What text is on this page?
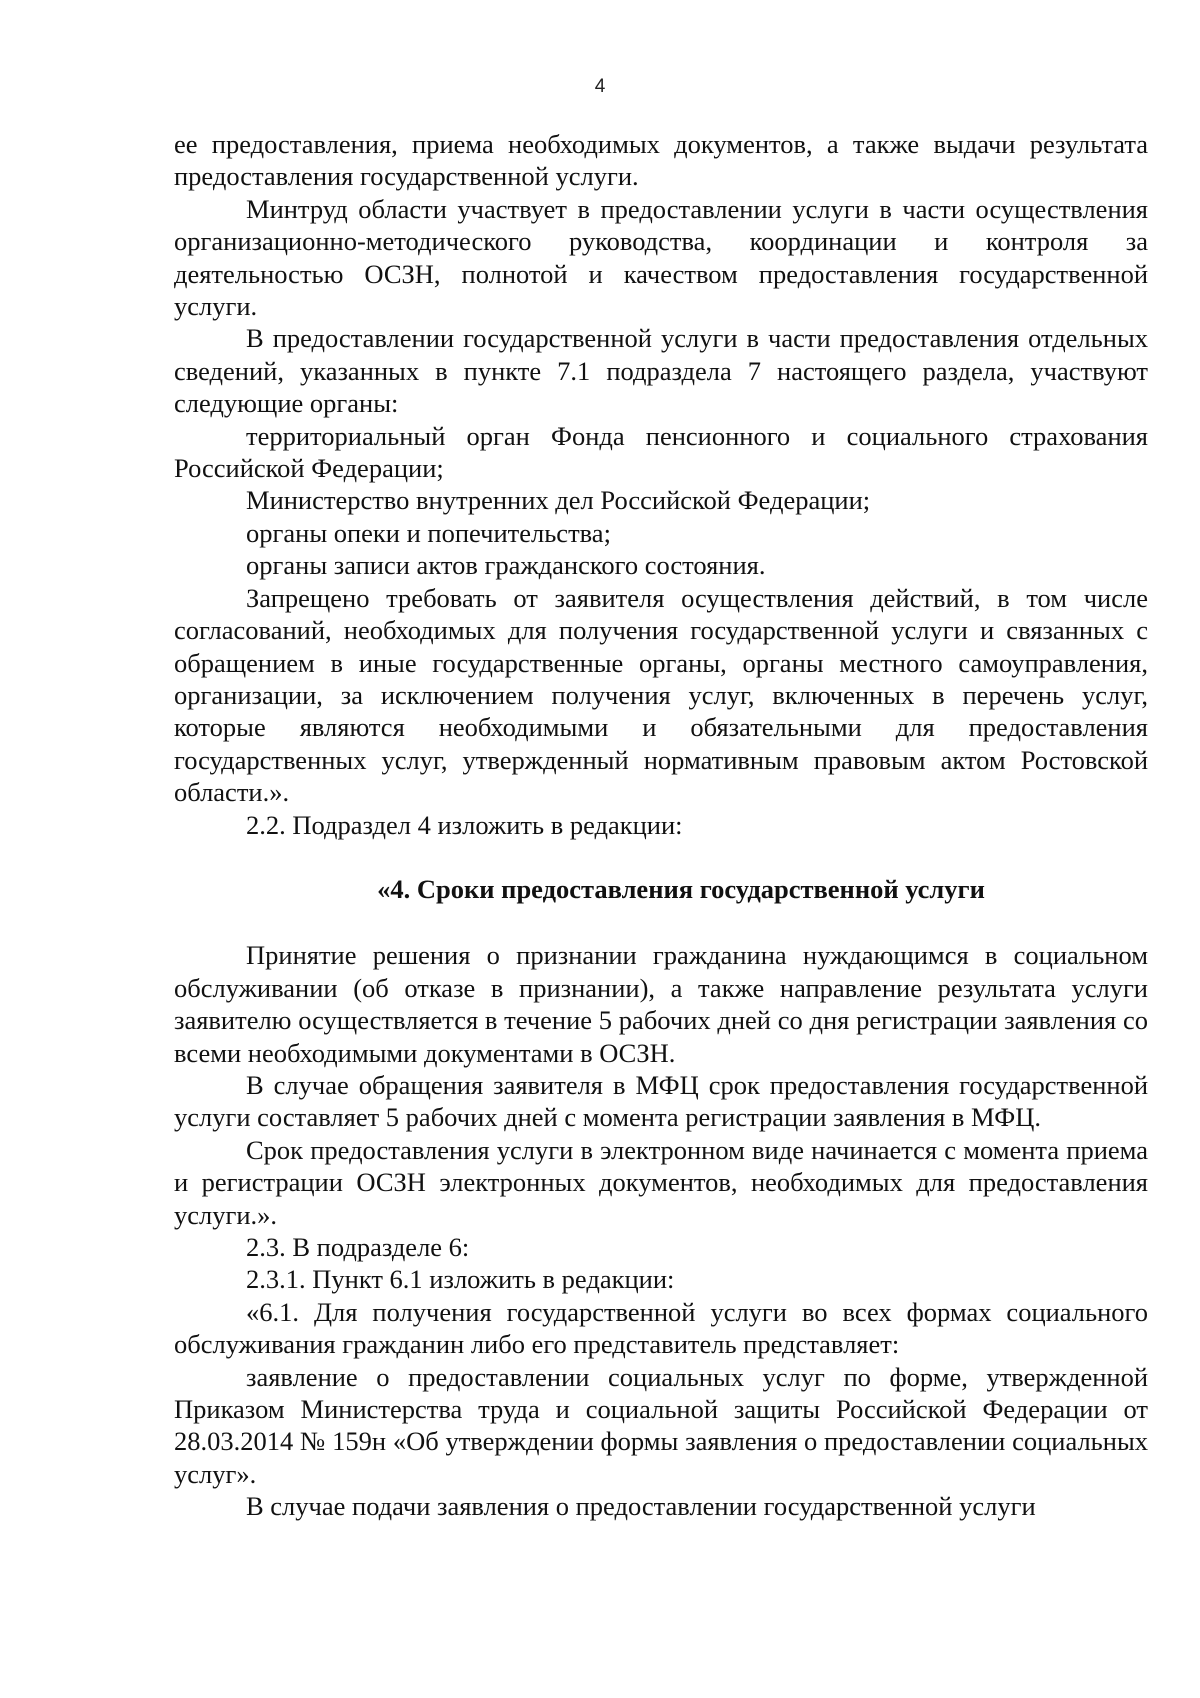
4

ее предоставления, приема необходимых документов, а также выдачи результата предоставления государственной услуги.

Минтруд области участвует в предоставлении услуги в части осуществления организационно-методического руководства, координации и контроля за деятельностью ОСЗН, полнотой и качеством предоставления государственной услуги.

В предоставлении государственной услуги в части предоставления отдельных сведений, указанных в пункте 7.1 подраздела 7 настоящего раздела, участвуют следующие органы:

территориальный орган Фонда пенсионного и социального страхования Российской Федерации;

Министерство внутренних дел Российской Федерации;

органы опеки и попечительства;

органы записи актов гражданского состояния.

Запрещено требовать от заявителя осуществления действий, в том числе согласований, необходимых для получения государственной услуги и связанных с обращением в иные государственные органы, органы местного самоуправления, организации, за исключением получения услуг, включенных в перечень услуг, которые являются необходимыми и обязательными для предоставления государственных услуг, утвержденный нормативным правовым актом Ростовской области.».

2.2. Подраздел 4 изложить в редакции:

«4. Сроки предоставления государственной услуги

Принятие решения о признании гражданина нуждающимся в социальном обслуживании (об отказе в признании), а также направление результата услуги заявителю осуществляется в течение 5 рабочих дней со дня регистрации заявления со всеми необходимыми документами в ОСЗН.

В случае обращения заявителя в МФЦ срок предоставления государственной услуги составляет 5 рабочих дней с момента регистрации заявления в МФЦ.

Срок предоставления услуги в электронном виде начинается с момента приема и регистрации ОСЗН электронных документов, необходимых для предоставления услуги.».

2.3. В подразделе 6:

2.3.1. Пункт 6.1 изложить в редакции:

«6.1. Для получения государственной услуги во всех формах социального обслуживания гражданин либо его представитель представляет:

заявление о предоставлении социальных услуг по форме, утвержденной Приказом Министерства труда и социальной защиты Российской Федерации от 28.03.2014 № 159н «Об утверждении формы заявления о предоставлении социальных услуг».

В случае подачи заявления о предоставлении государственной услуги
